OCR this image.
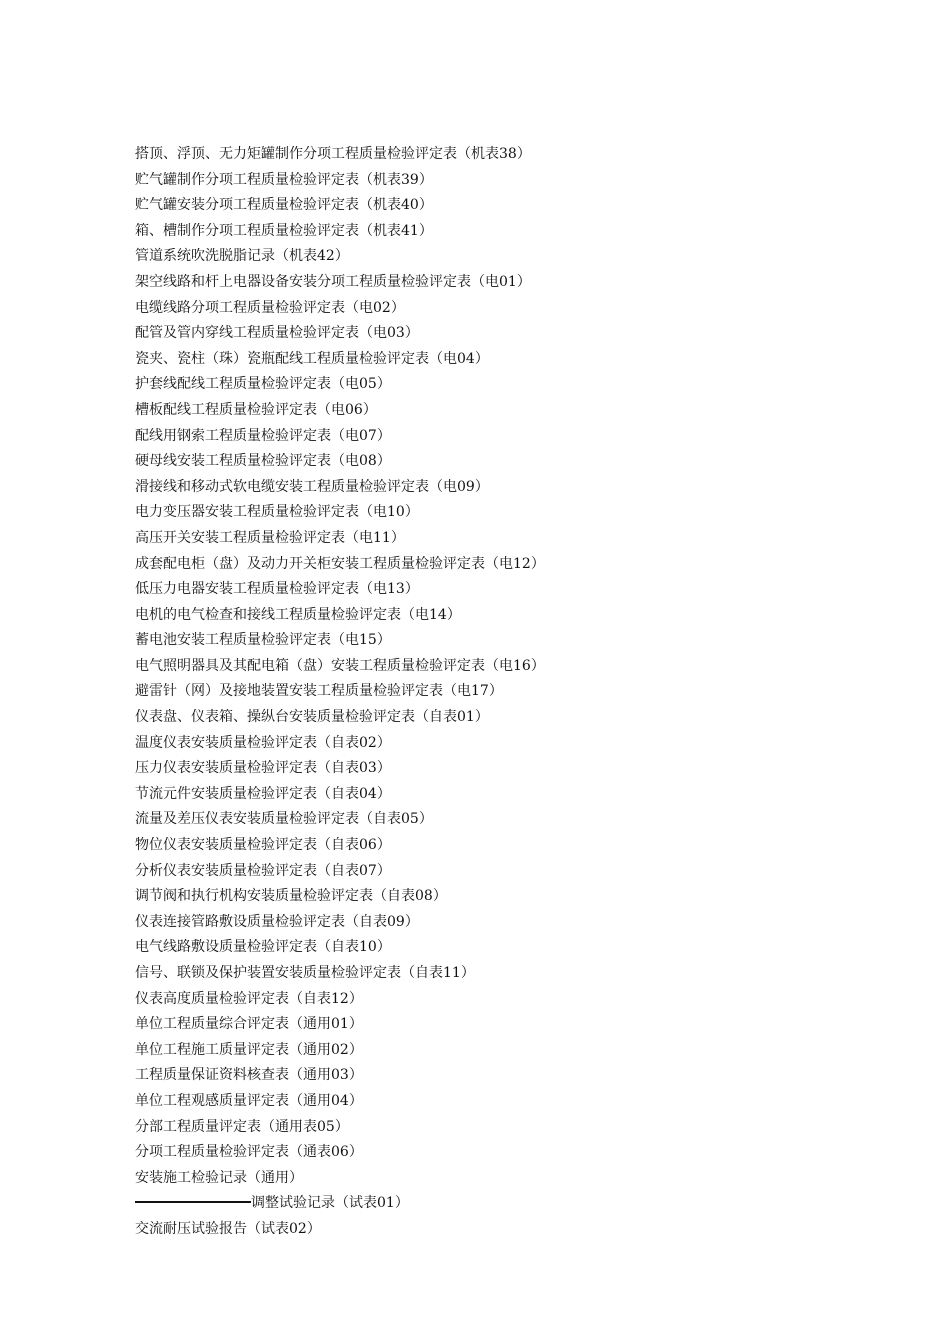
搭顶、浮顶、无力矩罐制作分项工程质量检验评定表（机表38）
贮气罐制作分项工程质量检验评定表（机表39）
贮气罐安装分项工程质量检验评定表（机表40）
箱、槽制作分项工程质量检验评定表（机表41）
管道系统吹洗脱脂记录（机表42）
架空线路和杆上电器设备安装分项工程质量检验评定表（电01）
电缆线路分项工程质量检验评定表（电02）
配管及管内穿线工程质量检验评定表（电03）
瓷夹、瓷柱（珠）瓷瓶配线工程质量检验评定表（电04）
护套线配线工程质量检验评定表（电05）
槽板配线工程质量检验评定表（电06）
配线用钢索工程质量检验评定表（电07）
硬母线安装工程质量检验评定表（电08）
滑接线和移动式软电缆安装工程质量检验评定表（电09）
电力变压器安装工程质量检验评定表（电10）
高压开关安装工程质量检验评定表（电11）
成套配电柜（盘）及动力开关柜安装工程质量检验评定表（电12）
低压力电器安装工程质量检验评定表（电13）
电机的电气检查和接线工程质量检验评定表（电14）
蓄电池安装工程质量检验评定表（电15）
电气照明器具及其配电箱（盘）安装工程质量检验评定表（电16）
避雷针（网）及接地装置安装工程质量检验评定表（电17）
仪表盘、仪表箱、操纵台安装质量检验评定表（自表01）
温度仪表安装质量检验评定表（自表02）
压力仪表安装质量检验评定表（自表03）
节流元件安装质量检验评定表（自表04）
流量及差压仪表安装质量检验评定表（自表05）
物位仪表安装质量检验评定表（自表06）
分析仪表安装质量检验评定表（自表07）
调节阀和执行机构安装质量检验评定表（自表08）
仪表连接管路敷设质量检验评定表（自表09）
电气线路敷设质量检验评定表（自表10）
信号、联锁及保护装置安装质量检验评定表（自表11）
仪表高度质量检验评定表（自表12）
单位工程质量综合评定表（通用01）
单位工程施工质量评定表（通用02）
工程质量保证资料核查表（通用03）
单位工程观感质量评定表（通用04）
分部工程质量评定表（通用表05）
分项工程质量检验评定表（通表06）
安装施工检验记录（通用）
调整试验记录（试表01）
交流耐压试验报告（试表02）
